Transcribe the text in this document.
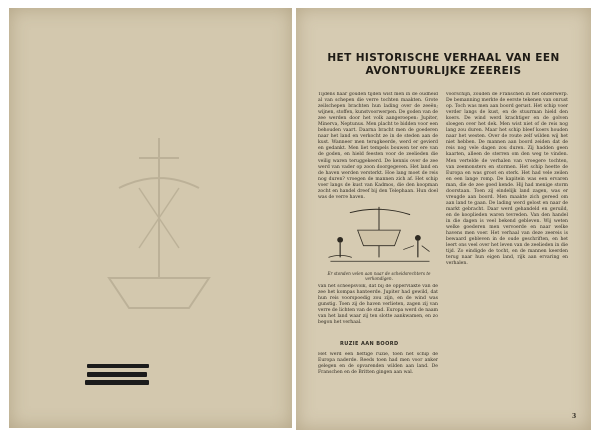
HET HISTORISCHE VERHAAL VAN EEN
AVONTUURLIJKE ZEEREIS

Tijdens haar gouden tijden wist men in de oudheid al van schepen die verre tochten maakten. Grote zeilschepen brachten hun lading over de zeeën; wijnen, stoffen, kunstvoorwerpen. De goden van de zee werden door het volk aangeroepen: Jupiter, Minerva, Neptunus. Men placht te bidden voor een behouden vaart. Daarna bracht men de goederen naar het land en verkocht ze in de steden aan de kust. Wanneer men terugkeerde, werd er gevierd en gedankt. Men liet tempels bouwen ter ere van de goden, en hield feesten voor de zeelieden die veilig waren teruggekeerd. De kennis over de zee werd van vader op zoon doorgegeven. Het land en de haven werden versterkt. Hoe lang moet de reis nog duren? vroegen de mannen zich af. Het schip voer langs de kust van Kadmos, die den koopman zocht en handel dreef bij den Telephaan. Hun doel was de verre haven.

Er stonden velen aan naar de scheidsrechters te verkondigen.

van het scheepsvolk, dat bij de oppervlakte van de zee het kompas hanteerde. Jupiter had gewild, dat hun reis voorspoedig zou zijn, en de wind was gunstig. Toen zij de haven verlieten, zagen zij van verre de lichten van de stad. Europa werd de naam van het land waar zij ten slotte aankwamen, en zo begon het verhaal.

RUZIE AAN BOORD

Het werd een heftige ruzie, toen het schip de Europa naderde. Reeds toen had men voor anker gelegen en de opvarenden wilden aan land. De Franschen en de Britten gingen aan wal.

voorschijn, zouden de Franschen in het onderwerp. De bemanning merkte de eerste tekenen van onrust op. Toch was men aan boord gerust. Het schip voer verder langs de kust, en de stuurman hield den koers. De wind werd krachtiger en de golven sloegen over het dek. Men wist niet of de reis nog lang zou duren. Maar het schip bleef koers houden naar het westen. Over de route zelf wilden wij het niet hebben. De mannen aan boord zeiden dat de reis nog vele dagen zou duren. Zij hadden geen kaarten, alleen de sterren om den weg te vinden. Men vertelde de verhalen van vroegere tochten, van zeemonsters en stormen. Het schip heette de Europa en was groot en sterk. Het had vele zeilen en een lange romp. De kapitein was een ervaren man, die de zee goed kende. Hij had menige storm doorstaan. Toen zij eindelijk land zagen, was er vreugde aan boord. Men maakte zich gereed om aan land te gaan. De lading werd gelost en naar de markt gebracht. Daar werd gehandeld en geruild, en de kooplieden waren tevreden. Van den handel in die dagen is veel bekend gebleven. Wij weten welke goederen men vervoerde en naar welke havens men voer. Het verhaal van deze zeereis is bewaard gebleven in de oude geschriften, en het leert ons veel over het leven van de zeelieden in die tijd. Zo eindigde de tocht, en de mannen keerden terug naar hun eigen land, rijk aan ervaring en verhalen.

3
